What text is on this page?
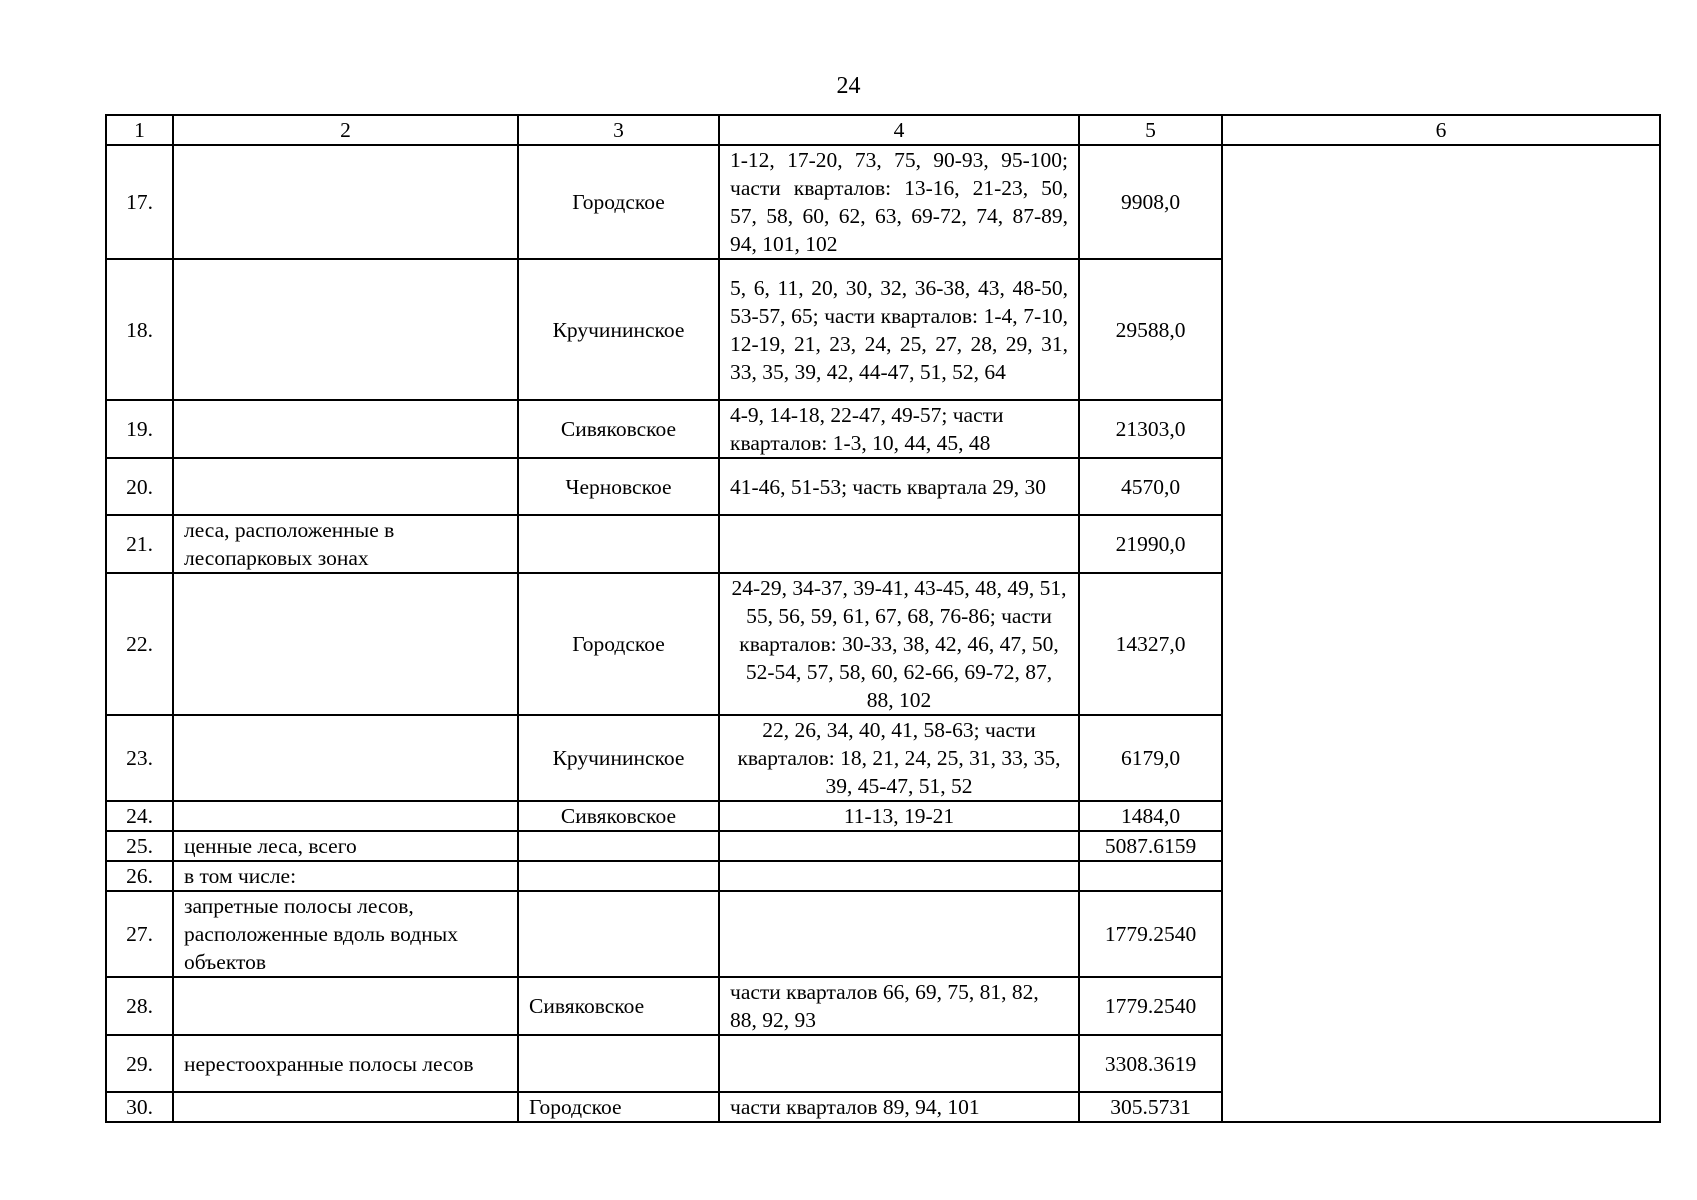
24
1	2	3	4	5	6
17.		Городское	1-12, 17-20, 73, 75, 90-93, 95-100; части кварталов: 13-16, 21-23, 50, 57, 58, 60, 62, 63, 69-72, 74, 87-89, 94, 101, 102	9908,0	
18.		Кручининское	5, 6, 11, 20, 30, 32, 36-38, 43, 48-50, 53-57, 65; части кварталов: 1-4, 7-10, 12-19, 21, 23, 24, 25, 27, 28, 29, 31, 33, 35, 39, 42, 44-47, 51, 52, 64	29588,0	
19.		Сивяковское	4-9, 14-18, 22-47, 49-57; части кварталов: 1-3, 10, 44, 45, 48	21303,0	
20.		Черновское	41-46, 51-53; часть квартала 29, 30	4570,0	
21.	леса, расположенные в лесопарковых зонах			21990,0	
22.		Городское	24-29, 34-37, 39-41, 43-45, 48, 49, 51, 55, 56, 59, 61, 67, 68, 76-86; части кварталов: 30-33, 38, 42, 46, 47, 50, 52-54, 57, 58, 60, 62-66, 69-72, 87, 88, 102	14327,0	
23.		Кручининское	22, 26, 34, 40, 41, 58-63; части кварталов: 18, 21, 24, 25, 31, 33, 35, 39, 45-47, 51, 52	6179,0	
24.		Сивяковское	11-13, 19-21	1484,0	
25.	ценные леса, всего			5087.6159	
26.	в том числе:				
27.	запретные полосы лесов, расположенные вдоль водных объектов			1779.2540	
28.		Сивяковское	части кварталов 66, 69, 75, 81, 82, 88, 92, 93	1779.2540	
29.	нерестоохранные полосы лесов			3308.3619	
30.		Городское	части кварталов 89, 94, 101	305.5731	
